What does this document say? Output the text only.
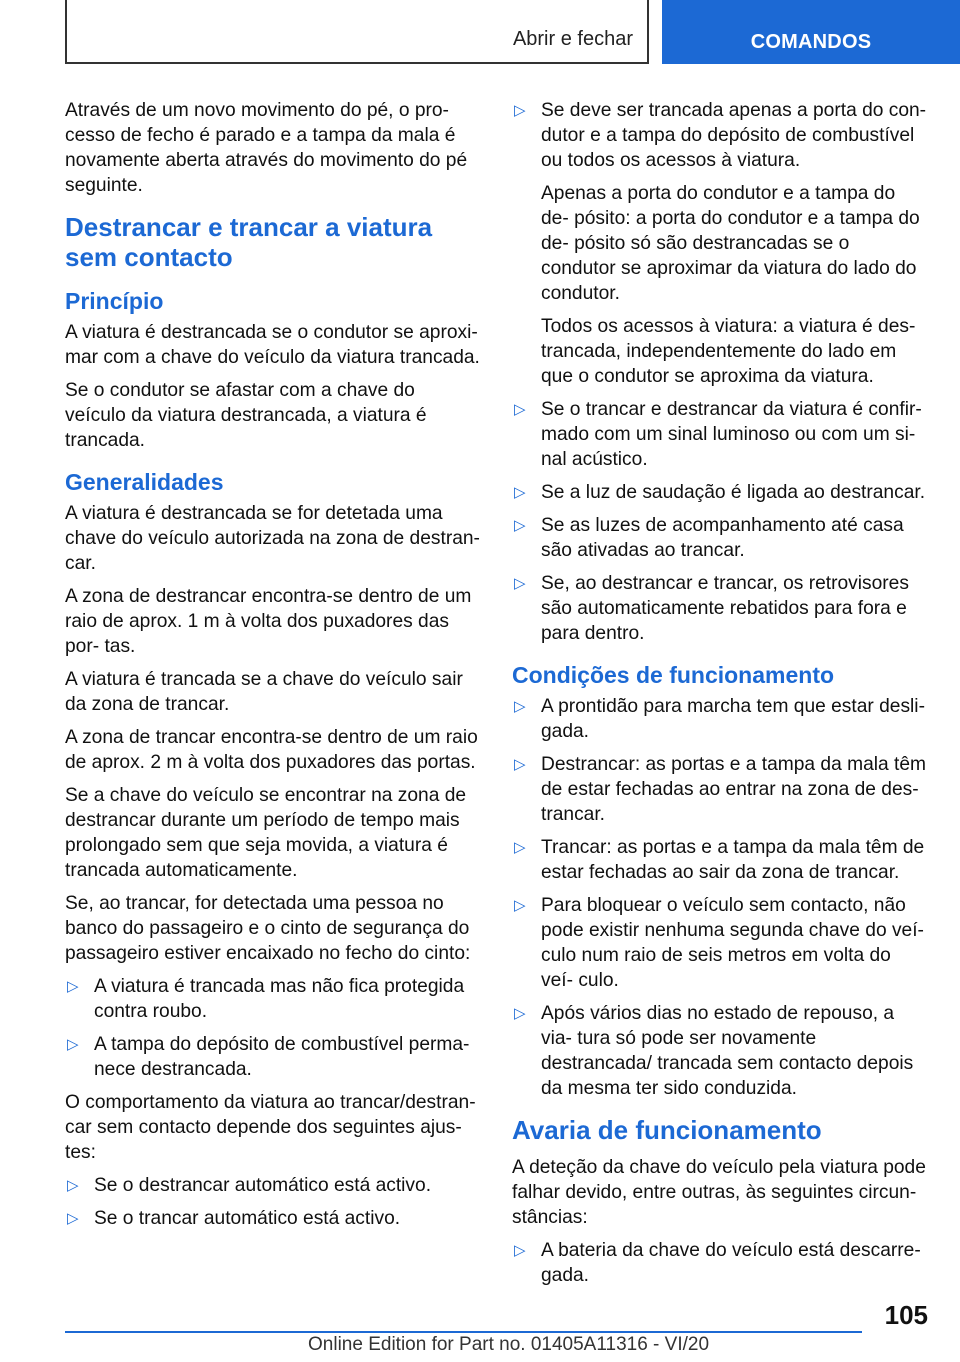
Abrir e fechar	COMANDOS

Através de um novo movimento do pé, o pro‐ cesso de fecho é parado e a tampa da mala é novamente aberta através do movimento do pé seguinte.

Destrancar e trancar a viatura sem contacto
Princípio

A viatura é destrancada se o condutor se aproxi‐ mar com a chave do veículo da viatura trancada.

Se o condutor se afastar com a chave do veículo da viatura destrancada, a viatura é trancada.

Generalidades

A viatura é destrancada se for detetada uma chave do veículo autorizada na zona de destran‐ car.

A zona de destrancar encontra-se dentro de um raio de aprox. 1 m à volta dos puxadores das por‐ tas.

A viatura é trancada se a chave do veículo sair da zona de trancar.

A zona de trancar encontra-se dentro de um raio de aprox. 2 m à volta dos puxadores das portas.

Se a chave do veículo se encontrar na zona de destrancar durante um período de tempo mais prolongado sem que seja movida, a viatura é trancada automaticamente.

Se, ao trancar, for detectada uma pessoa no banco do passageiro e o cinto de segurança do passageiro estiver encaixado no fecho do cinto:

▷ A viatura é trancada mas não fica protegida contra roubo.
▷ A tampa do depósito de combustível perma‐ nece destrancada.

O comportamento da viatura ao trancar/destran‐ car sem contacto depende dos seguintes ajus‐ tes:

▷ Se o destrancar automático está activo.
▷ Se o trancar automático está activo.
▷ Se deve ser trancada apenas a porta do con‐ dutor e a tampa do depósito de combustível ou todos os acessos à viatura.
Apenas a porta do condutor e a tampa do de‐ pósito: a porta do condutor e a tampa do de‐ pósito só são destrancadas se o condutor se aproximar da viatura do lado do condutor.
Todos os acessos à viatura: a viatura é des‐ trancada, independentemente do lado em que o condutor se aproxima da viatura.
▷ Se o trancar e destrancar da viatura é confir‐ mado com um sinal luminoso ou com um si‐ nal acústico.
▷ Se a luz de saudação é ligada ao destrancar.
▷ Se as luzes de acompanhamento até casa são ativadas ao trancar.
▷ Se, ao destrancar e trancar, os retrovisores são automaticamente rebatidos para fora e para dentro.
Condições de funcionamento
▷ A prontidão para marcha tem que estar desli‐ gada.
▷ Destrancar: as portas e a tampa da mala têm de estar fechadas ao entrar na zona de des‐ trancar.
▷ Trancar: as portas e a tampa da mala têm de estar fechadas ao sair da zona de trancar.
▷ Para bloquear o veículo sem contacto, não pode existir nenhuma segunda chave do veí‐ culo num raio de seis metros em volta do veí‐ culo.
▷ Após vários dias no estado de repouso, a via‐ tura só pode ser novamente destrancada/ trancada sem contacto depois da mesma ter sido conduzida.
Avaria de funcionamento

A deteção da chave do veículo pela viatura pode falhar devido, entre outras, às seguintes circun‐ stâncias:

▷ A bateria da chave do veículo está descarre‐ gada.
105
Online Edition for Part no. 01405A11316 - VI/20
